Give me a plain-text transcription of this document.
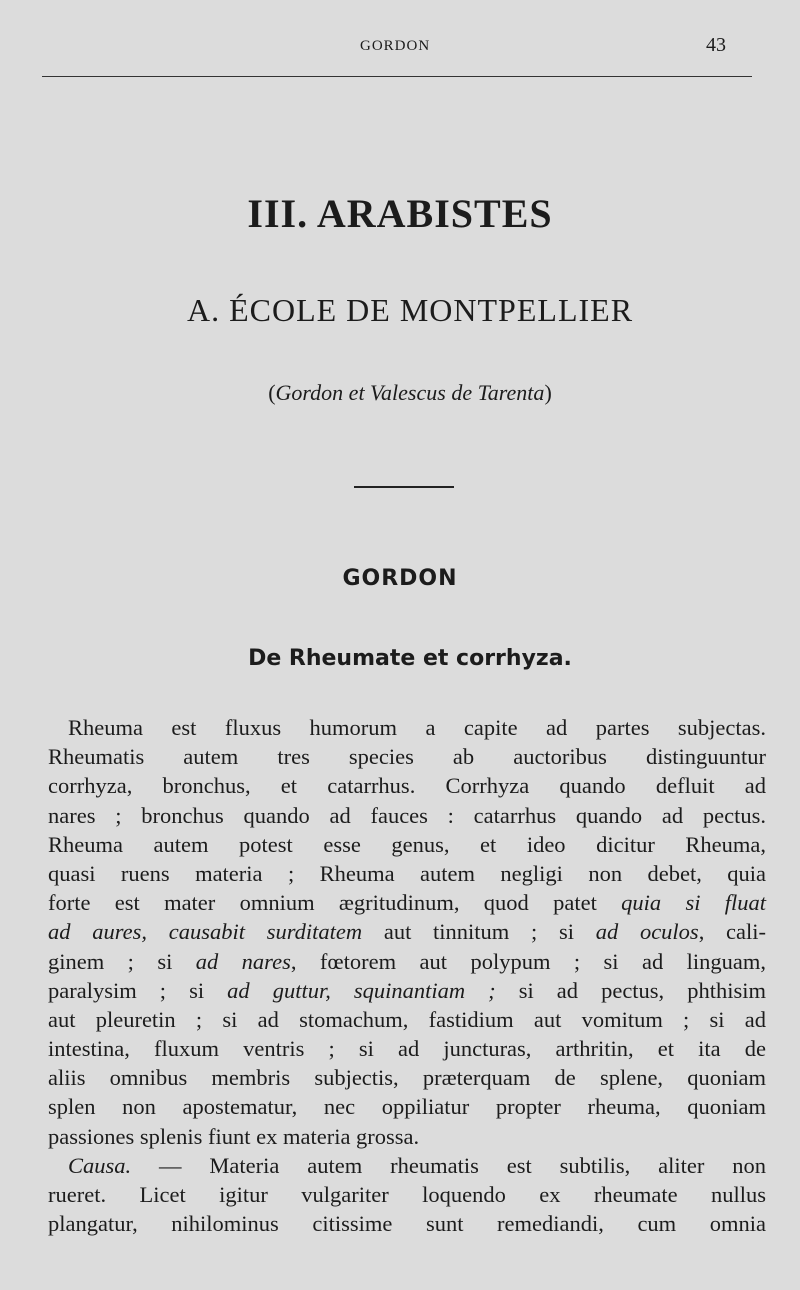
GORDON	43
III. ARABISTES
A. ÉCOLE DE MONTPELLIER
(Gordon et Valescus de Tarenta)
GORDON
De Rheumate et corrhyza.
Rheuma est fluxus humorum a capite ad partes subjectas.
Rheumatis autem tres species ab auctoribus distinguuntur
corrhyza, bronchus, et catarrhus. Corrhyza quando defluit ad
nares ; bronchus quando ad fauces : catarrhus quando ad pectus.
Rheuma autem potest esse genus, et ideo dicitur Rheuma,
quasi ruens materia ; Rheuma autem negligi non debet, quia
forte est mater omnium ægritudinum, quod patet quia si fluat
ad aures, causabit surditatem aut tinnitum ; si ad oculos, cali-
ginem ; si ad nares, fœtorem aut polypum ; si ad linguam,
paralysim ; si ad guttur, squinantiam ; si ad pectus, phthisim
aut pleuretin ; si ad stomachum, fastidium aut vomitum ; si ad
intestina, fluxum ventris ; si ad juncturas, arthritin, et ita de
aliis omnibus membris subjectis, præterquam de splene, quoniam
splen non apostematur, nec oppiliatur propter rheuma, quoniam
passiones splenis fiunt ex materia grossa.
Causa. — Materia autem rheumatis est subtilis, aliter non
rueret. Licet igitur vulgariter loquendo ex rheumate nullus
plangatur, nihilominus citissime sunt remediandi, cum omnia
